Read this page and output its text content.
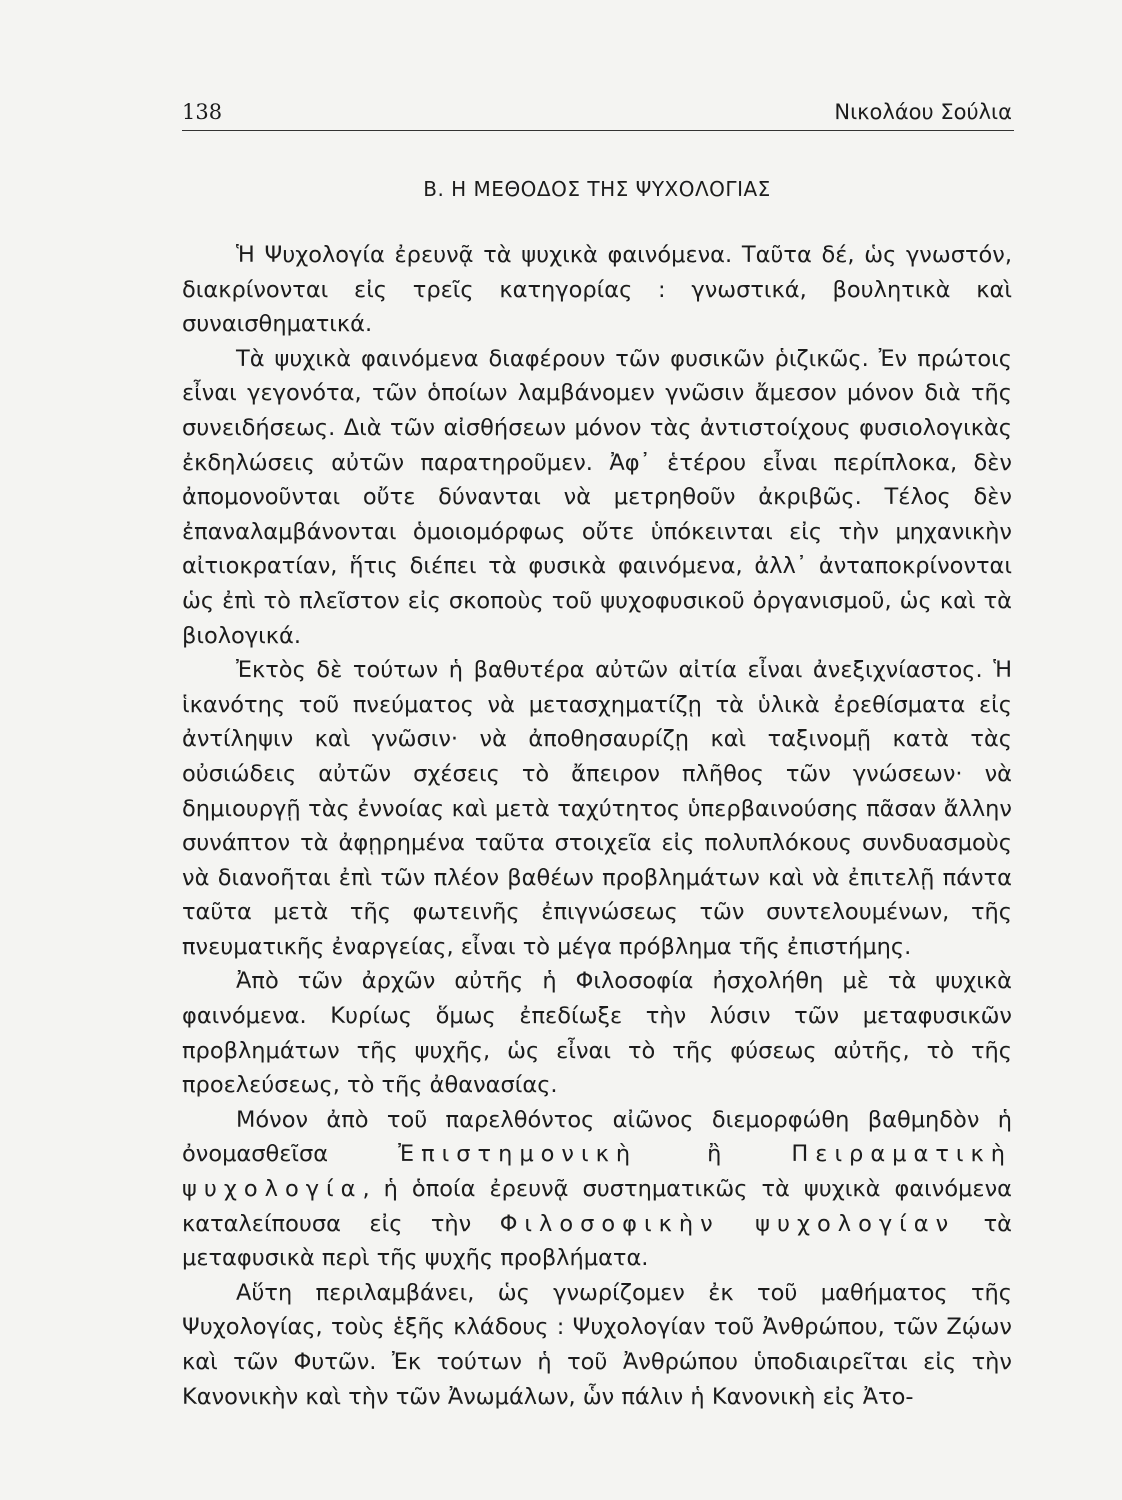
138	Νικολάου Σούλια
Β. Η ΜΕΘΟΔΟΣ ΤΗΣ ΨΥΧΟΛΟΓΙΑΣ

Ἡ Ψυχολογία ἐρευνᾷ τὰ ψυχικὰ φαινόμενα. Ταῦτα δέ, ὡς γνωστόν, διακρίνονται εἰς τρεῖς κατηγορίας : γνωστικά, βουλητικὰ καὶ συναισθηματικά.

Τὰ ψυχικὰ φαινόμενα διαφέρουν τῶν φυσικῶν ῥιζικῶς. Ἐν πρώτοις εἶναι γεγονότα, τῶν ὁποίων λαμβάνομεν γνῶσιν ἄμεσον μόνον διὰ τῆς συνειδήσεως. Διὰ τῶν αἰσθήσεων μόνον τὰς ἀντιστοίχους φυσιολογικὰς ἐκδηλώσεις αὐτῶν παρατηροῦμεν. Ἀφ᾿ ἑτέρου εἶναι περίπλοκα, δὲν ἀπομονοῦνται οὔτε δύνανται νὰ μετρηθοῦν ἀκριβῶς. Τέλος δὲν ἐπαναλαμβάνονται ὁμοιομόρφως οὔτε ὑπόκεινται εἰς τὴν μηχανικὴν αἰτιοκρατίαν, ἥτις διέπει τὰ φυσικὰ φαινόμενα, ἀλλ᾿ ἀνταποκρίνονται ὡς ἐπὶ τὸ πλεῖστον εἰς σκοποὺς τοῦ ψυχοφυσικοῦ ὀργανισμοῦ, ὡς καὶ τὰ βιολογικά.

Ἐκτὸς δὲ τούτων ἡ βαθυτέρα αὐτῶν αἰτία εἶναι ἀνεξιχνίαστος. Ἡ ἱκανότης τοῦ πνεύματος νὰ μετασχηματίζῃ τὰ ὑλικὰ ἐρεθίσματα εἰς ἀντίληψιν καὶ γνῶσιν· νὰ ἀποθησαυρίζῃ καὶ ταξινομῇ κατὰ τὰς οὐσιώδεις αὐτῶν σχέσεις τὸ ἄπειρον πλῆθος τῶν γνώσεων· νὰ δημιουργῇ τὰς ἐννοίας καὶ μετὰ ταχύτητος ὑπερβαινούσης πᾶσαν ἄλλην συνάπτον τὰ ἀφῃρημένα ταῦτα στοιχεῖα εἰς πολυπλόκους συνδυασμοὺς νὰ διανοῆται ἐπὶ τῶν πλέον βαθέων προβλημάτων καὶ νὰ ἐπιτελῇ πάντα ταῦτα μετὰ τῆς φωτεινῆς ἐπιγνώσεως τῶν συντελουμένων, τῆς πνευματικῆς ἐναργείας, εἶναι τὸ μέγα πρόβλημα τῆς ἐπιστήμης.

Ἀπὸ τῶν ἀρχῶν αὐτῆς ἡ Φιλοσοφία ἠσχολήθη μὲ τὰ ψυχικὰ φαινόμενα. Κυρίως ὅμως ἐπεδίωξε τὴν λύσιν τῶν μεταφυσικῶν προβλημάτων τῆς ψυχῆς, ὡς εἶναι τὸ τῆς φύσεως αὐτῆς, τὸ τῆς προελεύσεως, τὸ τῆς ἀθανασίας.

Μόνον ἀπὸ τοῦ παρελθόντος αἰῶνος διεμορφώθη βαθμηδὸν ἡ ὀνομασθεῖσα Ἐπιστημονικὴ ἢ Πειραματικὴ ψυχολογία, ἡ ὁποία ἐρευνᾷ συστηματικῶς τὰ ψυχικὰ φαινόμενα καταλείπουσα εἰς τὴν Φιλοσοφικὴν ψυχολογίαν τὰ μεταφυσικὰ περὶ τῆς ψυχῆς προβλήματα.

Αὕτη περιλαμβάνει, ὡς γνωρίζομεν ἐκ τοῦ μαθήματος τῆς Ψυχολογίας, τοὺς ἑξῆς κλάδους : Ψυχολογίαν τοῦ Ἀνθρώπου, τῶν Ζῴων καὶ τῶν Φυτῶν. Ἐκ τούτων ἡ τοῦ Ἀνθρώπου ὑποδιαιρεῖται εἰς τὴν Κανονικὴν καὶ τὴν τῶν Ἀνωμάλων, ὧν πάλιν ἡ Κανονικὴ εἰς Ἀτο-
